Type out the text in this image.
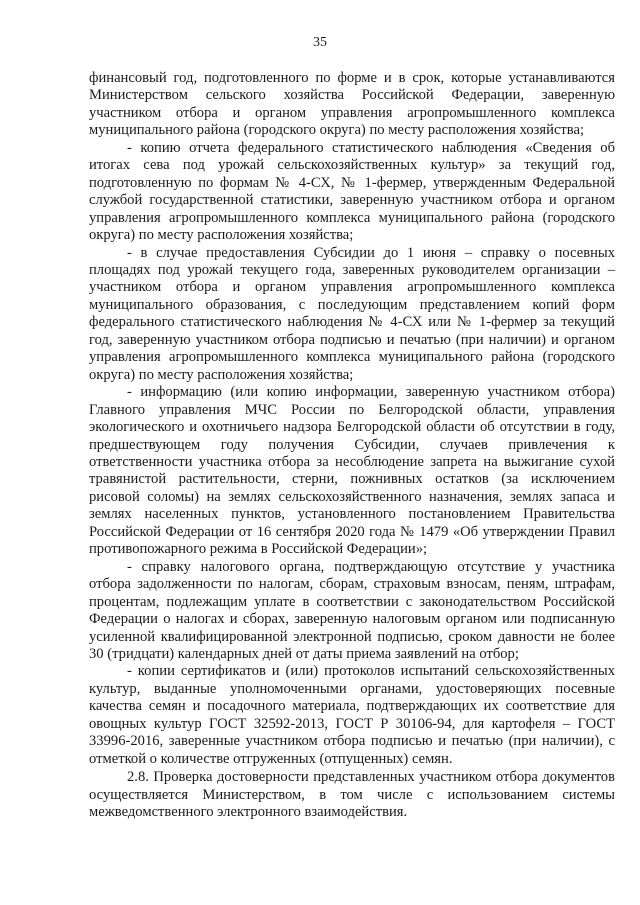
35

финансовый год, подготовленного по форме и в срок, которые устанавливаются Министерством сельского хозяйства Российской Федерации, заверенную участником отбора и органом управления агропромышленного комплекса муниципального района (городского округа) по месту расположения хозяйства;

- копию отчета федерального статистического наблюдения «Сведения об итогах сева под урожай сельскохозяйственных культур» за текущий год, подготовленную по формам № 4-СХ, № 1-фермер, утвержденным Федеральной службой государственной статистики, заверенную участником отбора и органом управления агропромышленного комплекса муниципального района (городского округа) по месту расположения хозяйства;

- в случае предоставления Субсидии до 1 июня – справку о посевных площадях под урожай текущего года, заверенных руководителем организации – участником отбора и органом управления агропромышленного комплекса муниципального образования, с последующим представлением копий форм федерального статистического наблюдения № 4-СХ или № 1-фермер за текущий год, заверенную участником отбора подписью и печатью (при наличии) и органом управления агропромышленного комплекса муниципального района (городского округа) по месту расположения хозяйства;

- информацию (или копию информации, заверенную участником отбора) Главного управления МЧС России по Белгородской области, управления экологического и охотничьего надзора Белгородской области об отсутствии в году, предшествующем году получения Субсидии, случаев привлечения к ответственности участника отбора за несоблюдение запрета на выжигание сухой травянистой растительности, стерни, пожнивных остатков (за исключением рисовой соломы) на землях сельскохозяйственного назначения, землях запаса и землях населенных пунктов, установленного постановлением Правительства Российской Федерации от 16 сентября 2020 года № 1479 «Об утверждении Правил противопожарного режима в Российской Федерации»;

- справку налогового органа, подтверждающую отсутствие у участника отбора задолженности по налогам, сборам, страховым взносам, пеням, штрафам, процентам, подлежащим уплате в соответствии с законодательством Российской Федерации о налогах и сборах, заверенную налоговым органом или подписанную усиленной квалифицированной электронной подписью, сроком давности не более 30 (тридцати) календарных дней от даты приема заявлений на отбор;

- копии сертификатов и (или) протоколов испытаний сельскохозяйственных культур, выданные уполномоченными органами, удостоверяющих посевные качества семян и посадочного материала, подтверждающих их соответствие для овощных культур ГОСТ 32592-2013, ГОСТ Р 30106-94, для картофеля – ГОСТ 33996-2016, заверенные участником отбора подписью и печатью (при наличии), с отметкой о количестве отгруженных (отпущенных) семян.

2.8. Проверка достоверности представленных участником отбора документов осуществляется Министерством, в том числе с использованием системы межведомственного электронного взаимодействия.
